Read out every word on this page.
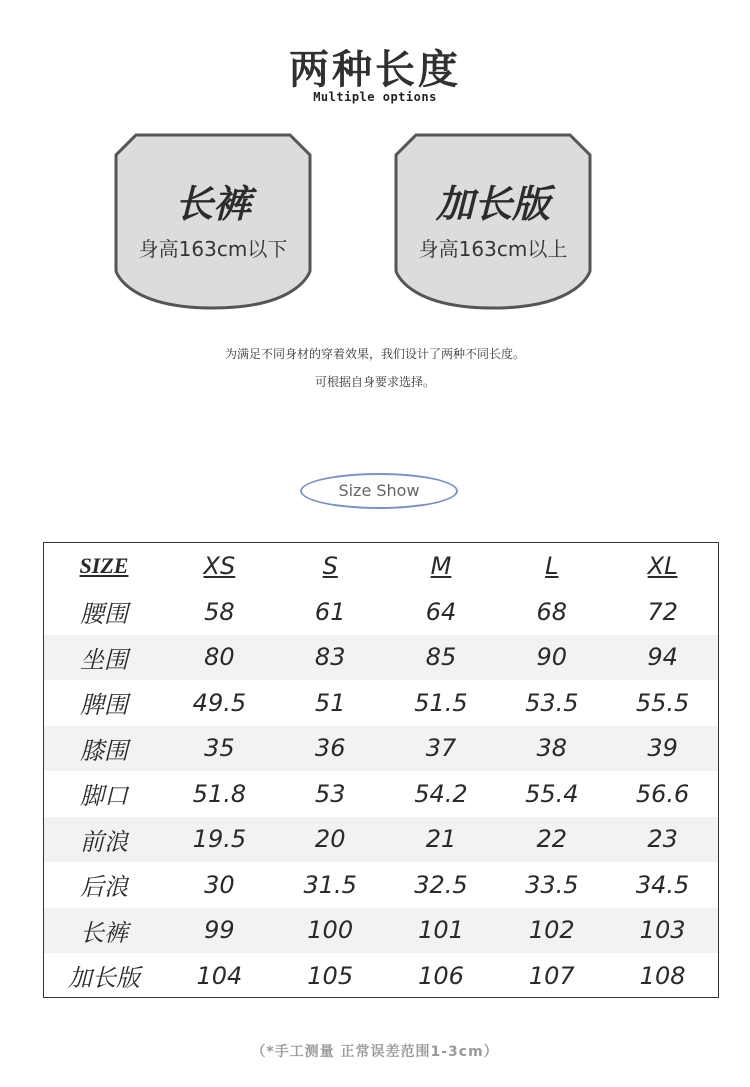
两种长度
Multiple options
长裤
身高163cm以下
加长版
身高163cm以上
为满足不同身材的穿着效果，我们设计了两种不同长度。
可根据自身要求选择。
Size Show
SIZE	XS	S	M	L	XL
腰围	58	61	64	68	72
坐围	80	83	85	90	94
脾围	49.5	51	51.5	53.5	55.5
膝围	35	36	37	38	39
脚口	51.8	53	54.2	55.4	56.6
前浪	19.5	20	21	22	23
后浪	30	31.5	32.5	33.5	34.5
长裤	99	100	101	102	103
加长版	104	105	106	107	108
（*手工测量 正常误差范围1-3cm）
